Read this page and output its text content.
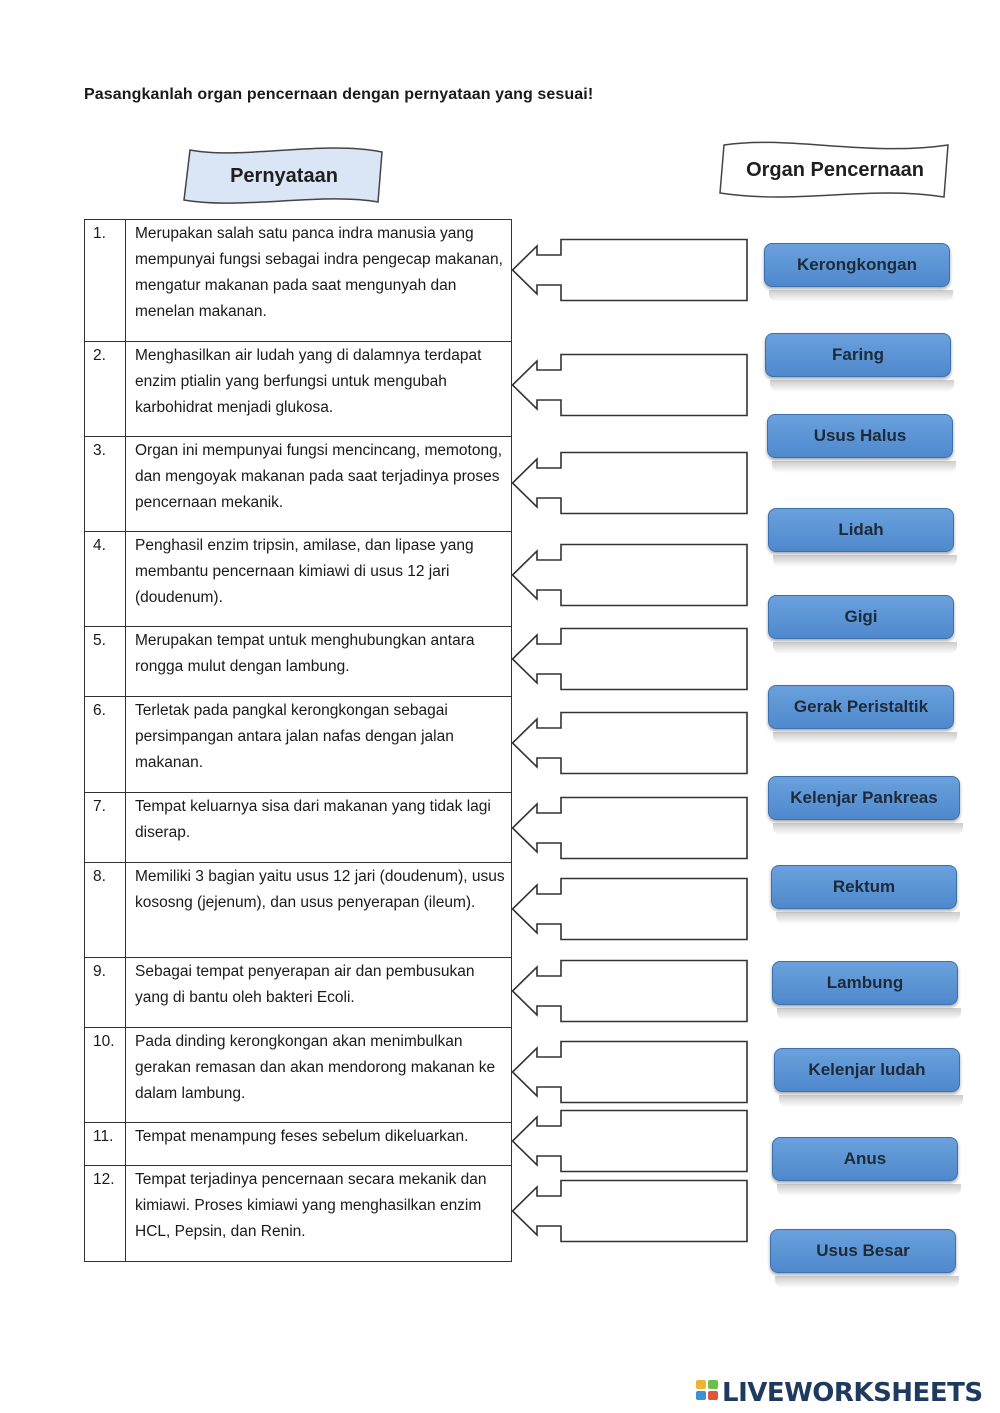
Pasangkanlah organ pencernaan dengan pernyataan yang sesuai!
Pernyataan	Organ Pencernaan
1.	Merupakan salah satu panca indra manusia yang mempunyai fungsi sebagai indra pengecap makanan, mengatur makanan pada saat mengunyah dan menelan makanan.
2.	Menghasilkan air ludah yang di dalamnya terdapat enzim ptialin yang berfungsi untuk mengubah karbohidrat menjadi glukosa.
3.	Organ ini mempunyai fungsi mencincang, memotong, dan mengoyak makanan pada saat terjadinya proses pencernaan mekanik.
4.	Penghasil enzim tripsin, amilase, dan lipase yang membantu pencernaan kimiawi di usus 12 jari (doudenum).
5.	Merupakan tempat untuk menghubungkan antara rongga mulut dengan lambung.
6.	Terletak pada pangkal kerongkongan sebagai persimpangan antara jalan nafas dengan jalan makanan.
7.	Tempat keluarnya sisa dari makanan yang tidak lagi diserap.
8.	Memiliki 3 bagian yaitu usus 12 jari (doudenum), usus kososng (jejenum), dan usus penyerapan (ileum).
9.	Sebagai tempat penyerapan air dan pembusukan yang di bantu oleh bakteri Ecoli.
10.	Pada dinding kerongkongan akan menimbulkan gerakan remasan dan akan mendorong makanan ke dalam lambung.
11.	Tempat menampung feses sebelum dikeluarkan.
12.	Tempat terjadinya pencernaan secara mekanik dan kimiawi. Proses kimiawi yang menghasilkan enzim HCL, Pepsin, dan Renin.
Kerongkongan
Faring
Usus Halus
Lidah
Gigi
Gerak Peristaltik
Kelenjar Pankreas
Rektum
Lambung
Kelenjar ludah
Anus
Usus Besar
LIVEWORKSHEETS
